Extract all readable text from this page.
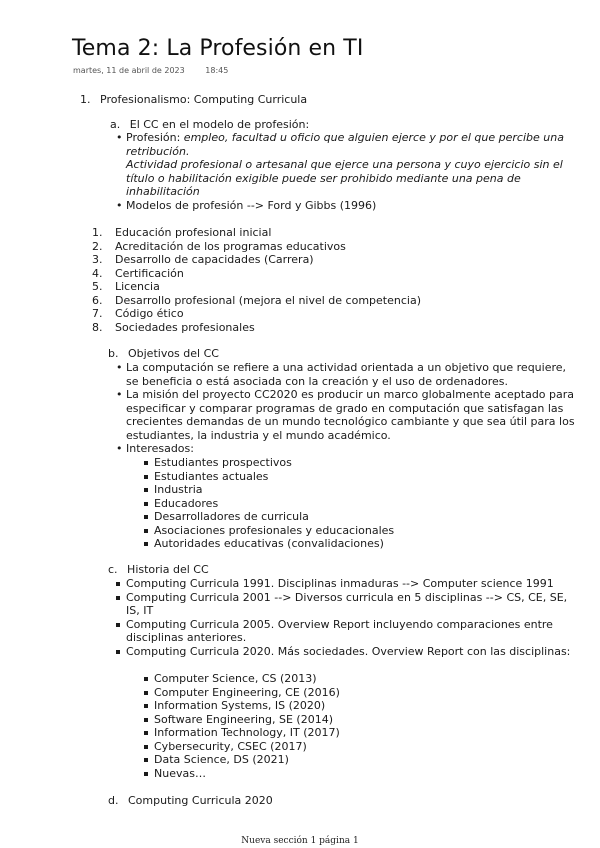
Tema 2: La Profesión en TI
martes, 11 de abril de 2023	18:45
1. Profesionalismo: Computing Curricula
a. El CC en el modelo de profesión:
• Profesión: empleo, facultad u oficio que alguien ejerce y por el que percibe una retribución.
Actividad profesional o artesanal que ejerce una persona y cuyo ejercicio sin el título o habilitación exigible puede ser prohibido mediante una pena de inhabilitación
• Modelos de profesión --> Ford y Gibbs (1996)
1. Educación profesional inicial
2. Acreditación de los programas educativos
3. Desarrollo de capacidades (Carrera)
4. Certificación
5. Licencia
6. Desarrollo profesional (mejora el nivel de competencia)
7. Código ético
8. Sociedades profesionales
b. Objetivos del CC
• La computación se refiere a una actividad orientada a un objetivo que requiere, se beneficia o está asociada con la creación y el uso de ordenadores.
• La misión del proyecto CC2020 es producir un marco globalmente aceptado para especificar y comparar programas de grado en computación que satisfagan las crecientes demandas de un mundo tecnológico cambiante y que sea útil para los estudiantes, la industria y el mundo académico.
• Interesados:
Estudiantes prospectivos
Estudiantes actuales
Industria
Educadores
Desarrolladores de curricula
Asociaciones profesionales y educacionales
Autoridades educativas (convalidaciones)
c. Historia del CC
Computing Curricula 1991. Disciplinas inmaduras --> Computer science 1991
Computing Curricula 2001 --> Diversos curricula en 5 disciplinas --> CS, CE, SE, IS, IT
Computing Curricula 2005. Overview Report incluyendo comparaciones entre disciplinas anteriores.
Computing Curricula 2020. Más sociedades. Overview Report con las disciplinas:
Computer Science, CS (2013)
Computer Engineering, CE (2016)
Information Systems, IS (2020)
Software Engineering, SE (2014)
Information Technology, IT (2017)
Cybersecurity, CSEC (2017)
Data Science, DS (2021)
Nuevas…
d. Computing Curricula 2020
Nueva sección 1 página 1
